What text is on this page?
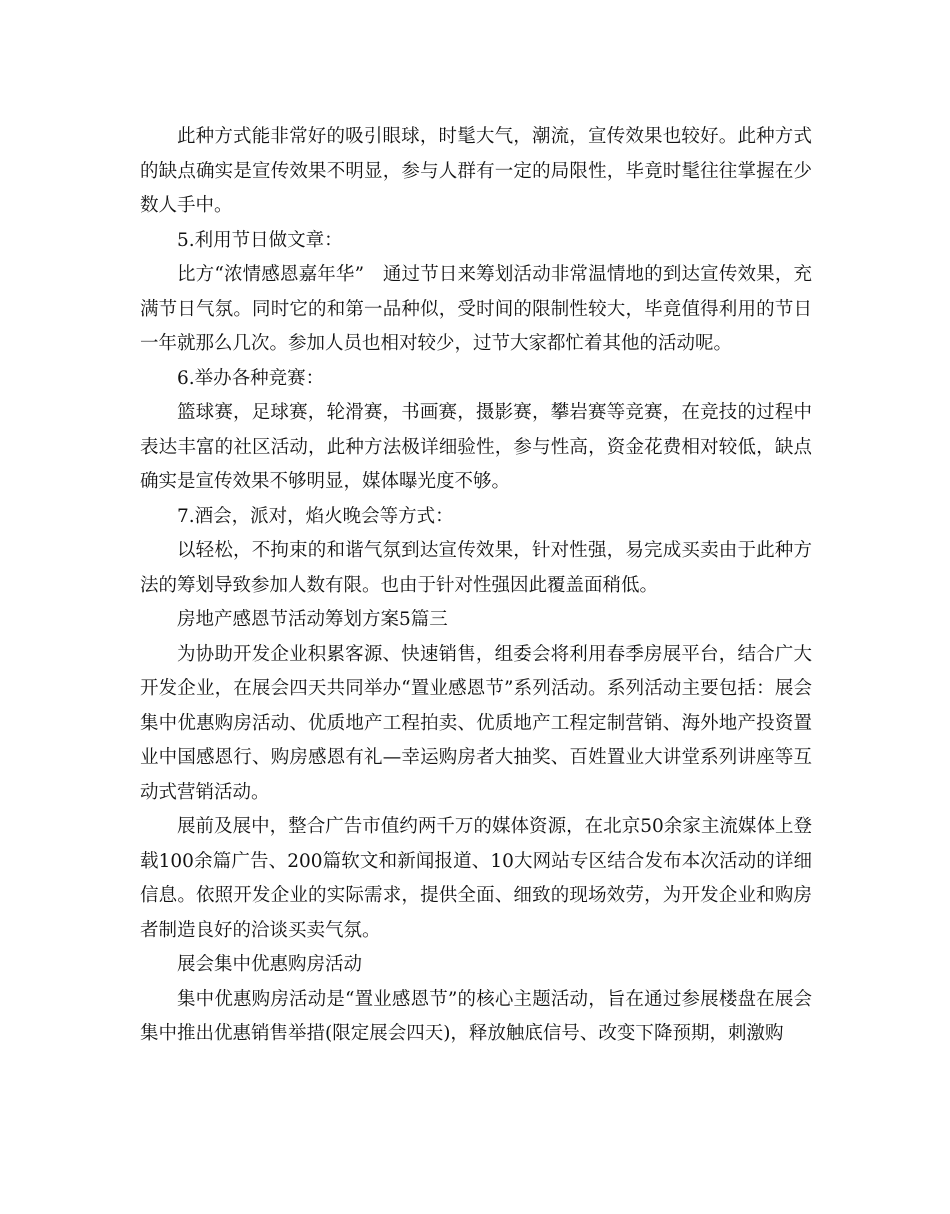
此种方式能非常好的吸引眼球，时髦大气，潮流，宣传效果也较好。此种方式的缺点确实是宣传效果不明显，参与人群有一定的局限性，毕竟时髦往往掌握在少数人手中。

5.利用节日做文章：

比方“浓情感恩嘉年华”　通过节日来筹划活动非常温情地的到达宣传效果，充满节日气氛。同时它的和第一品种似，受时间的限制性较大，毕竟值得利用的节日一年就那么几次。参加人员也相对较少，过节大家都忙着其他的活动呢。

6.举办各种竞赛：

篮球赛，足球赛，轮滑赛，书画赛，摄影赛，攀岩赛等竞赛，在竞技的过程中表达丰富的社区活动，此种方法极详细验性，参与性高，资金花费相对较低，缺点确实是宣传效果不够明显，媒体曝光度不够。

7.酒会，派对，焰火晚会等方式：

以轻松，不拘束的和谐气氛到达宣传效果，针对性强，易完成买卖由于此种方法的筹划导致参加人数有限。也由于针对性强因此覆盖面稍低。

房地产感恩节活动筹划方案5篇三

为协助开发企业积累客源、快速销售，组委会将利用春季房展平台，结合广大开发企业，在展会四天共同举办“置业感恩节”系列活动。系列活动主要包括：展会集中优惠购房活动、优质地产工程拍卖、优质地产工程定制营销、海外地产投资置业中国感恩行、购房感恩有礼—幸运购房者大抽奖、百姓置业大讲堂系列讲座等互动式营销活动。

展前及展中，整合广告市值约两千万的媒体资源，在北京50余家主流媒体上登载100余篇广告、200篇软文和新闻报道、10大网站专区结合发布本次活动的详细信息。依照开发企业的实际需求，提供全面、细致的现场效劳，为开发企业和购房者制造良好的洽谈买卖气氛。

展会集中优惠购房活动

集中优惠购房活动是“置业感恩节”的核心主题活动，旨在通过参展楼盘在展会集中推出优惠销售举措(限定展会四天)，释放触底信号、改变下降预期，刺激购
